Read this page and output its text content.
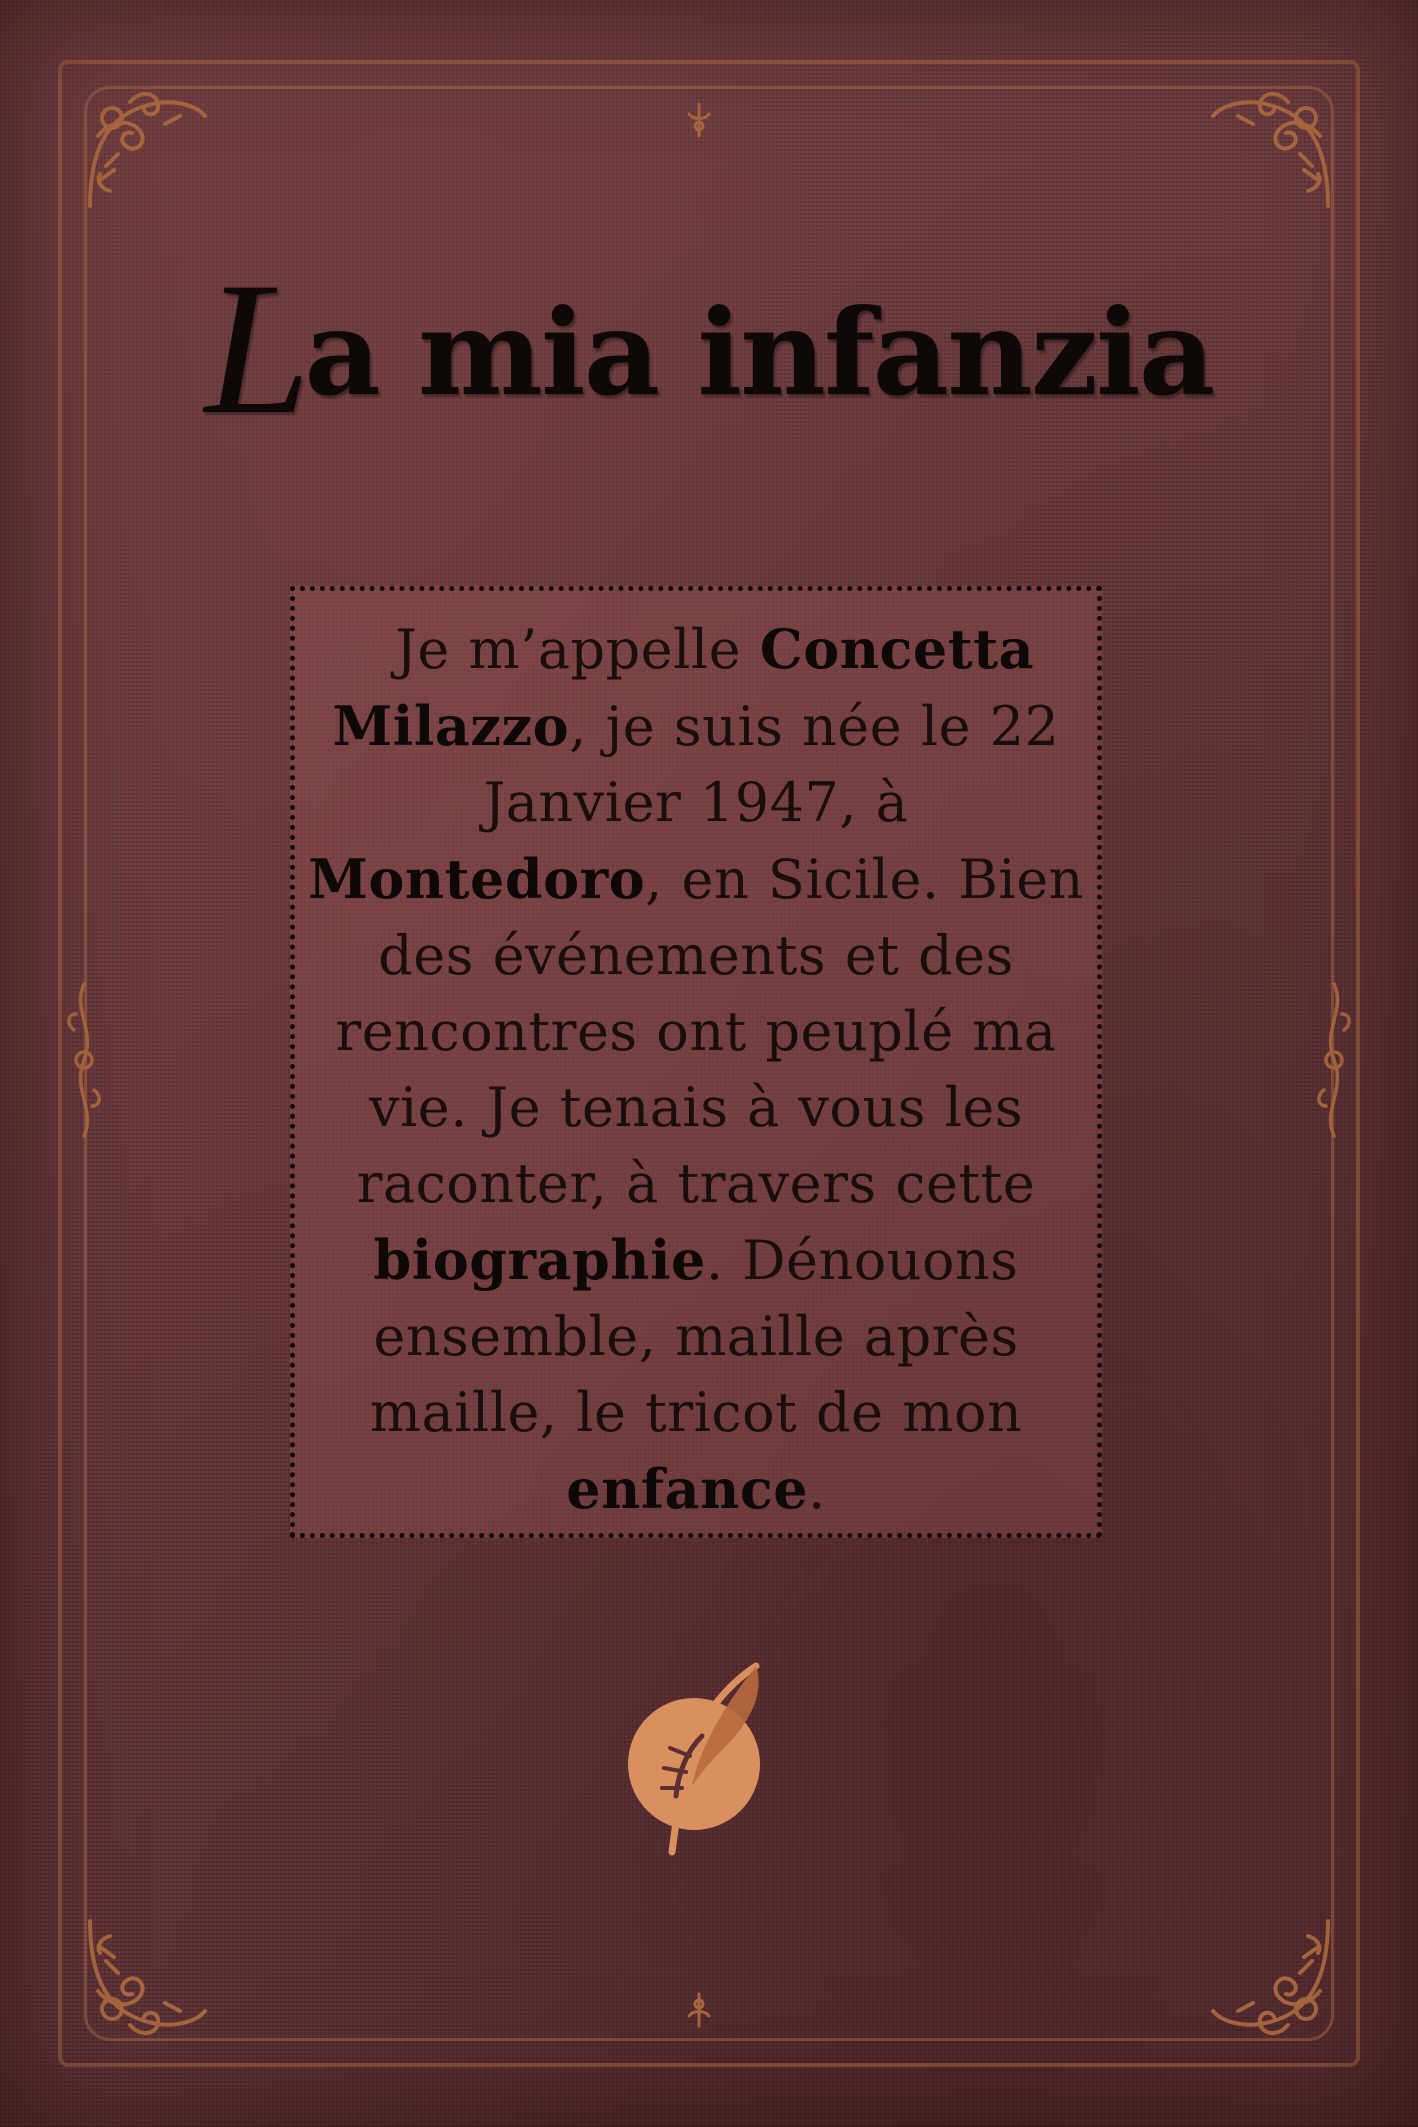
La mia infanzia

Je m’appelle Concetta Milazzo, je suis née le 22 Janvier 1947, à Montedoro, en Sicile. Bien des événements et des rencontres ont peuplé ma vie. Je tenais à vous les raconter, à travers cette biographie. Dénouons ensemble, maille après maille, le tricot de mon enfance.
